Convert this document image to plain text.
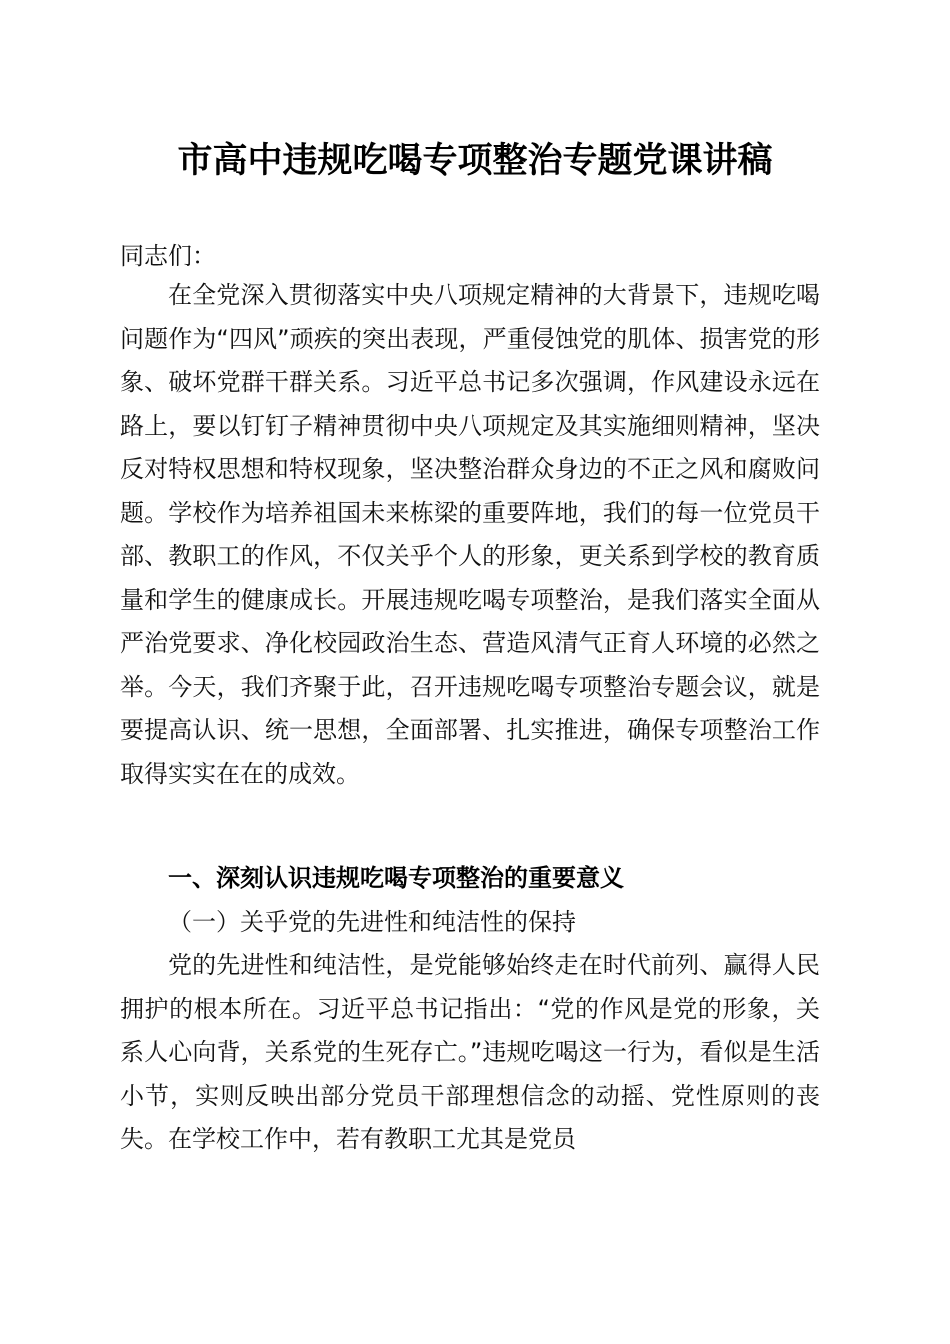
市高中违规吃喝专项整治专题党课讲稿
同志们：

在全党深入贯彻落实中央八项规定精神的大背景下，违规吃喝问题作为“四风”顽疾的突出表现，严重侵蚀党的肌体、损害党的形象、破坏党群干群关系。习近平总书记多次强调，作风建设永远在路上，要以钉钉子精神贯彻中央八项规定及其实施细则精神，坚决反对特权思想和特权现象，坚决整治群众身边的不正之风和腐败问题。学校作为培养祖国未来栋梁的重要阵地，我们的每一位党员干部、教职工的作风，不仅关乎个人的形象，更关系到学校的教育质量和学生的健康成长。开展违规吃喝专项整治，是我们落实全面从严治党要求、净化校园政治生态、营造风清气正育人环境的必然之举。今天，我们齐聚于此，召开违规吃喝专项整治专题会议，就是要提高认识、统一思想，全面部署、扎实推进，确保专项整治工作取得实实在在的成效。

一、深刻认识违规吃喝专项整治的重要意义
（一）关乎党的先进性和纯洁性的保持

党的先进性和纯洁性，是党能够始终走在时代前列、赢得人民拥护的根本所在。习近平总书记指出：“党的作风是党的形象，关系人心向背，关系党的生死存亡。”违规吃喝这一行为，看似是生活小节，实则反映出部分党员干部理想信念的动摇、党性原则的丧失。在学校工作中，若有教职工尤其是党员
